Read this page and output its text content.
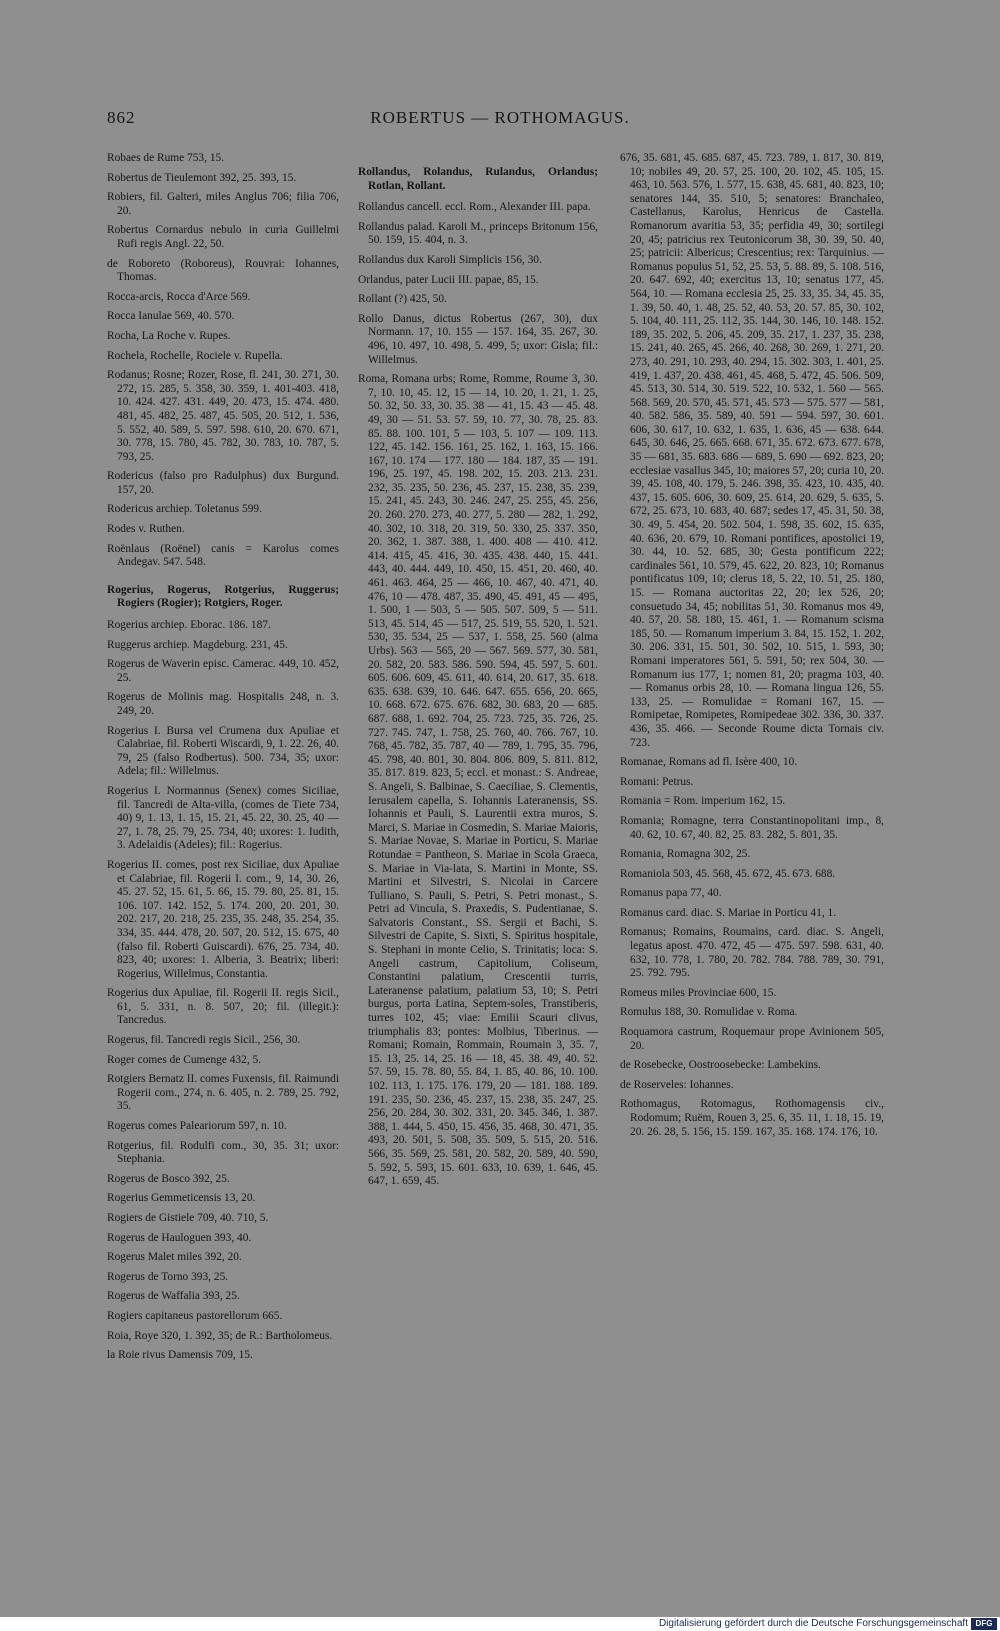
862	ROBERTUS — ROTHOMAGUS.

Robaes de Rume 753, 15.

Robertus de Tieulemont 392, 25. 393, 15.

Robiers, fil. Galteri, miles Anglus 706; filia 706, 20.

Robertus Cornardus nebulo in curia Guillelmi Rufi regis Angl. 22, 50.

de Roboreto (Roboreus), Rouvrai: Iohannes, Thomas.

Rocca-arcis, Rocca d'Arce 569.

Rocca Ianulae 569, 40. 570.

Rocha, La Roche v. Rupes.

Rochela, Rochelle, Rociele v. Rupella.

Rodanus; Rosne; Rozer, Rose, fl. 241, 30. 271, 30. 272, 15. 285, 5. 358, 30. 359, 1. 401-403. 418, 10. 424. 427. 431. 449, 20. 473, 15. 474. 480. 481, 45. 482, 25. 487, 45. 505, 20. 512, 1. 536, 5. 552, 40. 589, 5. 597. 598. 610, 20. 670. 671, 30. 778, 15. 780, 45. 782, 30. 783, 10. 787, 5. 793, 25.

Rodericus (falso pro Radulphus) dux Burgund. 157, 20.

Rodericus archiep. Toletanus 599.

Rodes v. Ruthen.

Roënlaus (Roënel) canis = Karolus comes Andegav. 547. 548.

Rogerius, Rogerus, Rotgerius, Ruggerus; Rogiers (Rogier); Rotgiers, Roger.

Rogerius archiep. Eborac. 186. 187.

Ruggerus archiep. Magdeburg. 231, 45.

Rogerus de Waverin episc. Camerac. 449, 10. 452, 25.

Rogerus de Molinis mag. Hospitalis 248, n. 3. 249, 20.

Rogerius I. Bursa vel Crumena dux Apuliae et Calabriae, fil. Roberti Wiscardi, 9, 1. 22. 26, 40. 79, 25 (falso Rodbertus). 500. 734, 35; uxor: Adela; fil.: Willelmus.

Rogerius I. Normannus (Senex) comes Siciliae, fil. Tancredi de Alta-villa, (comes de Tiete 734, 40) 9, 1. 13, 1. 15, 15. 21, 45. 22, 30. 25, 40 — 27, 1. 78, 25. 79, 25. 734, 40; uxores: 1. Iudith, 3. Adelaidis (Adeles); fil.: Rogerius.

Rogerius II. comes, post rex Siciliae, dux Apuliae et Calabriae, fil. Rogerii I. com., 9, 14, 30. 26, 45. 27. 52, 15. 61, 5. 66, 15. 79. 80, 25. 81, 15. 106. 107. 142. 152, 5. 174. 200, 20. 201, 30. 202. 217, 20. 218, 25. 235, 35. 248, 35. 254, 35. 334, 35. 444. 478, 20. 507, 20. 512, 15. 675, 40 (falso fil. Roberti Guiscardi). 676, 25. 734, 40. 823, 40; uxores: 1. Alberia, 3. Beatrix; liberi: Rogerius, Willelmus, Constantia.

Rogerius dux Apuliae, fil. Rogerii II. regis Sicil., 61, 5. 331, n. 8. 507, 20; fil. (illegit.): Tancredus.

Rogerus, fil. Tancredi regis Sicil., 256, 30.

Roger comes de Cumenge 432, 5.

Rotgiers Bernatz II. comes Fuxensis, fil. Raimundi Rogerii com., 274, n. 6. 405, n. 2. 789, 25. 792, 35.

Rogerus comes Paleariorum 597, n. 10.

Rotgerius, fil. Rodulfi com., 30, 35. 31; uxor: Stephania.

Rogerus de Bosco 392, 25.

Rogerius Gemmeticensis 13, 20.

Rogiers de Gistiele 709, 40. 710, 5.

Rogerus de Hauloguen 393, 40.

Rogerus Malet miles 392, 20.

Rogerus de Torno 393, 25.

Rogerus de Waffalia 393, 25.

Rogiers capitaneus pastorellorum 665.

Roia, Roye 320, 1. 392, 35; de R.: Bartholomeus.

la Roie rivus Damensis 709, 15.

Rollandus, Rolandus, Rulandus, Orlandus; Rotlan, Rollant.

Rollandus cancell. eccl. Rom., Alexander III. papa.

Rollandus palad. Karoli M., princeps Britonum 156, 50. 159, 15. 404, n. 3.

Rollandus dux Karoli Simplicis 156, 30.

Orlandus, pater Lucii III. papae, 85, 15.

Rollant (?) 425, 50.

Rollo Danus, dictus Robertus (267, 30), dux Normann. 17, 10. 155 — 157. 164, 35. 267, 30. 496, 10. 497, 10. 498, 5. 499, 5; uxor: Gisla; fil.: Willelmus.

Roma, Romana urbs; Rome, Romme, Roume 3, 30. 7, 10. 10, 45. 12, 15 — 14, 10. 20, 1. 21, 1. 25, 50. 32, 50. 33, 30. 35. 38 — 41, 15. 43 — 45. 48. 49, 30 — 51. 53. 57. 59, 10. 77, 30. 78, 25. 83. 85. 88. 100. 101, 5 — 103, 5. 107 — 109. 113. 122, 45. 142. 156. 161, 25. 162, 1. 163, 15. 166. 167, 10. 174 — 177. 180 — 184. 187, 35 — 191. 196, 25. 197, 45. 198. 202, 15. 203. 213. 231. 232, 35. 235, 50. 236, 45. 237, 15. 238, 35. 239, 15. 241, 45. 243, 30. 246. 247, 25. 255, 45. 256, 20. 260. 270. 273, 40. 277, 5. 280 — 282, 1. 292, 40. 302, 10. 318, 20. 319, 50. 330, 25. 337. 350, 20. 362, 1. 387. 388, 1. 400. 408 — 410. 412. 414. 415, 45. 416, 30. 435. 438. 440, 15. 441. 443, 40. 444. 449, 10. 450, 15. 451, 20. 460, 40. 461. 463. 464, 25 — 466, 10. 467, 40. 471, 40. 476, 10 — 478. 487, 35. 490, 45. 491, 45 — 495, 1. 500, 1 — 503, 5 — 505. 507. 509, 5 — 511. 513, 45. 514, 45 — 517, 25. 519, 55. 520, 1. 521. 530, 35. 534, 25 — 537, 1. 558, 25. 560 (alma Urbs). 563 — 565, 20 — 567. 569. 577, 30. 581, 20. 582, 20. 583. 586. 590. 594, 45. 597, 5. 601. 605. 606. 609, 45. 611, 40. 614, 20. 617, 35. 618. 635. 638. 639, 10. 646. 647. 655. 656, 20. 665, 10. 668. 672. 675. 676. 682, 30. 683, 20 — 685. 687. 688, 1. 692. 704, 25. 723. 725, 35. 726, 25. 727. 745. 747, 1. 758, 25. 760, 40. 766. 767, 10. 768, 45. 782, 35. 787, 40 — 789, 1. 795, 35. 796, 45. 798, 40. 801, 30. 804. 806. 809, 5. 811. 812, 35. 817. 819. 823, 5; eccl. et monast.: S. Andreae, S. Angeli, S. Balbinae, S. Caeciliae, S. Clementis, Ierusalem capella, S. Iohannis Lateranensis, SS. Iohannis et Pauli, S. Laurentii extra muros, S. Marci, S. Mariae in Cosmedin, S. Mariae Maioris, S. Mariae Novae, S. Mariae in Porticu, S. Mariae Rotundae = Pantheon, S. Mariae in Scola Graeca, S. Mariae in Via-lata, S. Martini in Monte, SS. Martini et Silvestri, S. Nicolai in Carcere Tulliano, S. Pauli, S. Petri, S. Petri monast., S. Petri ad Vincula, S. Praxedis, S. Pudentianae, S. Salvatoris Constant., SS. Sergii et Bachi, S. Silvestri de Capite, S. Sixti, S. Spiritus hospitale, S. Stephani in monte Celio, S. Trinitatis; loca: S. Angeli castrum, Capitolium, Coliseum, Constantini palatium, Crescentii turris, Lateranense palatium, palatium 53, 10; S. Petri burgus, porta Latina, Septem-soles, Transtiberis, turres 102, 45; viae: Emilii Scauri clivus, triumphalis 83; pontes: Molbius, Tiberinus. — Romani; Romain, Rommain, Roumain 3, 35. 7, 15. 13, 25. 14, 25. 16 — 18, 45. 38. 49, 40. 52. 57. 59, 15. 78. 80, 55. 84, 1. 85, 40. 86, 10. 100. 102. 113, 1. 175. 176. 179, 20 — 181. 188. 189. 191. 235, 50. 236, 45. 237, 15. 238, 35. 247, 25. 256, 20. 284, 30. 302. 331, 20. 345. 346, 1. 387. 388, 1. 444, 5. 450, 15. 456, 35. 468, 30. 471, 35. 493, 20. 501, 5. 508, 35. 509, 5. 515, 20. 516. 566, 35. 569, 25. 581, 20. 582, 20. 589, 40. 590, 5. 592, 5. 593, 15. 601. 633, 10. 639, 1. 646, 45. 647, 1. 659, 45.

676, 35. 681, 45. 685. 687, 45. 723. 789, 1. 817, 30. 819, 10; nobiles 49, 20. 57, 25. 100, 20. 102, 45. 105, 15. 463, 10. 563. 576, 1. 577, 15. 638, 45. 681, 40. 823, 10; senatores 144, 35. 510, 5; senatores: Branchaleo, Castellanus, Karolus, Henricus de Castella. Romanorum avaritia 53, 35; perfidia 49, 30; sortilegi 20, 45; patricius rex Teutonicorum 38, 30. 39, 50. 40, 25; patricii: Albericus; Crescentius; rex: Tarquinius. — Romanus populus 51, 52, 25. 53, 5. 88. 89, 5. 108. 516, 20. 647. 692, 40; exercitus 13, 10; senatus 177, 45. 564, 10. — Romana ecclesia 25, 25. 33, 35. 34, 45. 35, 1. 39, 50. 40, 1. 48, 25. 52, 40. 53, 20. 57. 85, 30. 102, 5. 104, 40. 111, 25. 112, 35. 144, 30. 146, 10. 148. 152. 189, 35. 202, 5. 206, 45. 209, 35. 217, 1. 237, 35. 238, 15. 241, 40. 265, 45. 266, 40. 268, 30. 269, 1. 271, 20. 273, 40. 291, 10. 293, 40. 294, 15. 302. 303, 1. 401, 25. 419, 1. 437, 20. 438. 461, 45. 468, 5. 472, 45. 506. 509, 45. 513, 30. 514, 30. 519. 522, 10. 532, 1. 560 — 565. 568. 569, 20. 570, 45. 571, 45. 573 — 575. 577 — 581, 40. 582. 586, 35. 589, 40. 591 — 594. 597, 30. 601. 606, 30. 617, 10. 632, 1. 635, 1. 636, 45 — 638. 644. 645, 30. 646, 25. 665. 668. 671, 35. 672. 673. 677. 678, 35 — 681, 35. 683. 686 — 689, 5. 690 — 692. 823, 20; ecclesiae vasallus 345, 10; maiores 57, 20; curia 10, 20. 39, 45. 108, 40. 179, 5. 246. 398, 35. 423, 10. 435, 40. 437, 15. 605. 606, 30. 609, 25. 614, 20. 629, 5. 635, 5. 672, 25. 673, 10. 683, 40. 687; sedes 17, 45. 31, 50. 38, 30. 49, 5. 454, 20. 502. 504, 1. 598, 35. 602, 15. 635, 40. 636, 20. 679, 10. Romani pontifices, apostolici 19, 30. 44, 10. 52. 685, 30; Gesta pontificum 222; cardinales 561, 10. 579, 45. 622, 20. 823, 10; Romanus pontificatus 109, 10; clerus 18, 5. 22, 10. 51, 25. 180, 15. — Romana auctoritas 22, 20; lex 526, 20; consuetudo 34, 45; nobilitas 51, 30. Romanus mos 49, 40. 57, 20. 58. 180, 15. 461, 1. — Romanum scisma 185, 50. — Romanum imperium 3. 84, 15. 152, 1. 202, 30. 206. 331, 15. 501, 30. 502, 10. 515, 1. 593, 30; Romani imperatores 561, 5. 591, 50; rex 504, 30. — Romanum ius 177, 1; nomen 81, 20; pragma 103, 40. — Romanus orbis 28, 10. — Romana lingua 126, 55. 133, 25. — Romulidae = Romani 167, 15. — Romipetae, Romipetes, Romipedeae 302. 336, 30. 337. 436, 35. 466. — Seconde Roume dicta Tornais civ. 723.

Romanae, Romans ad fl. Isère 400, 10.

Romani: Petrus.

Romania = Rom. imperium 162, 15.

Romania; Romagne, terra Constantinopolitani imp., 8, 40. 62, 10. 67, 40. 82, 25. 83. 282, 5. 801, 35.

Romania, Romagna 302, 25.

Romaniola 503, 45. 568, 45. 672, 45. 673. 688.

Romanus papa 77, 40.

Romanus card. diac. S. Mariae in Porticu 41, 1.

Romanus; Romains, Roumains, card. diac. S. Angeli, legatus apost. 470. 472, 45 — 475. 597. 598. 631, 40. 632, 10. 778, 1. 780, 20. 782. 784. 788. 789, 30. 791, 25. 792. 795.

Romeus miles Provinciae 600, 15.

Romulus 188, 30. Romulidae v. Roma.

Roquamora castrum, Roquemaur prope Avinionem 505, 20.

de Rosebecke, Oostroosebecke: Lambekins.

de Roserveles: Iohannes.

Rothomagus, Rotomagus, Rothomagensis civ., Rodomum; Ruëm, Rouen 3, 25. 6, 35. 11, 1. 18, 15. 19, 20. 26. 28, 5. 156, 15. 159. 167, 35. 168. 174. 176, 10.

Digitalisierung gefördert durch die Deutsche Forschungsgemeinschaft DFG
